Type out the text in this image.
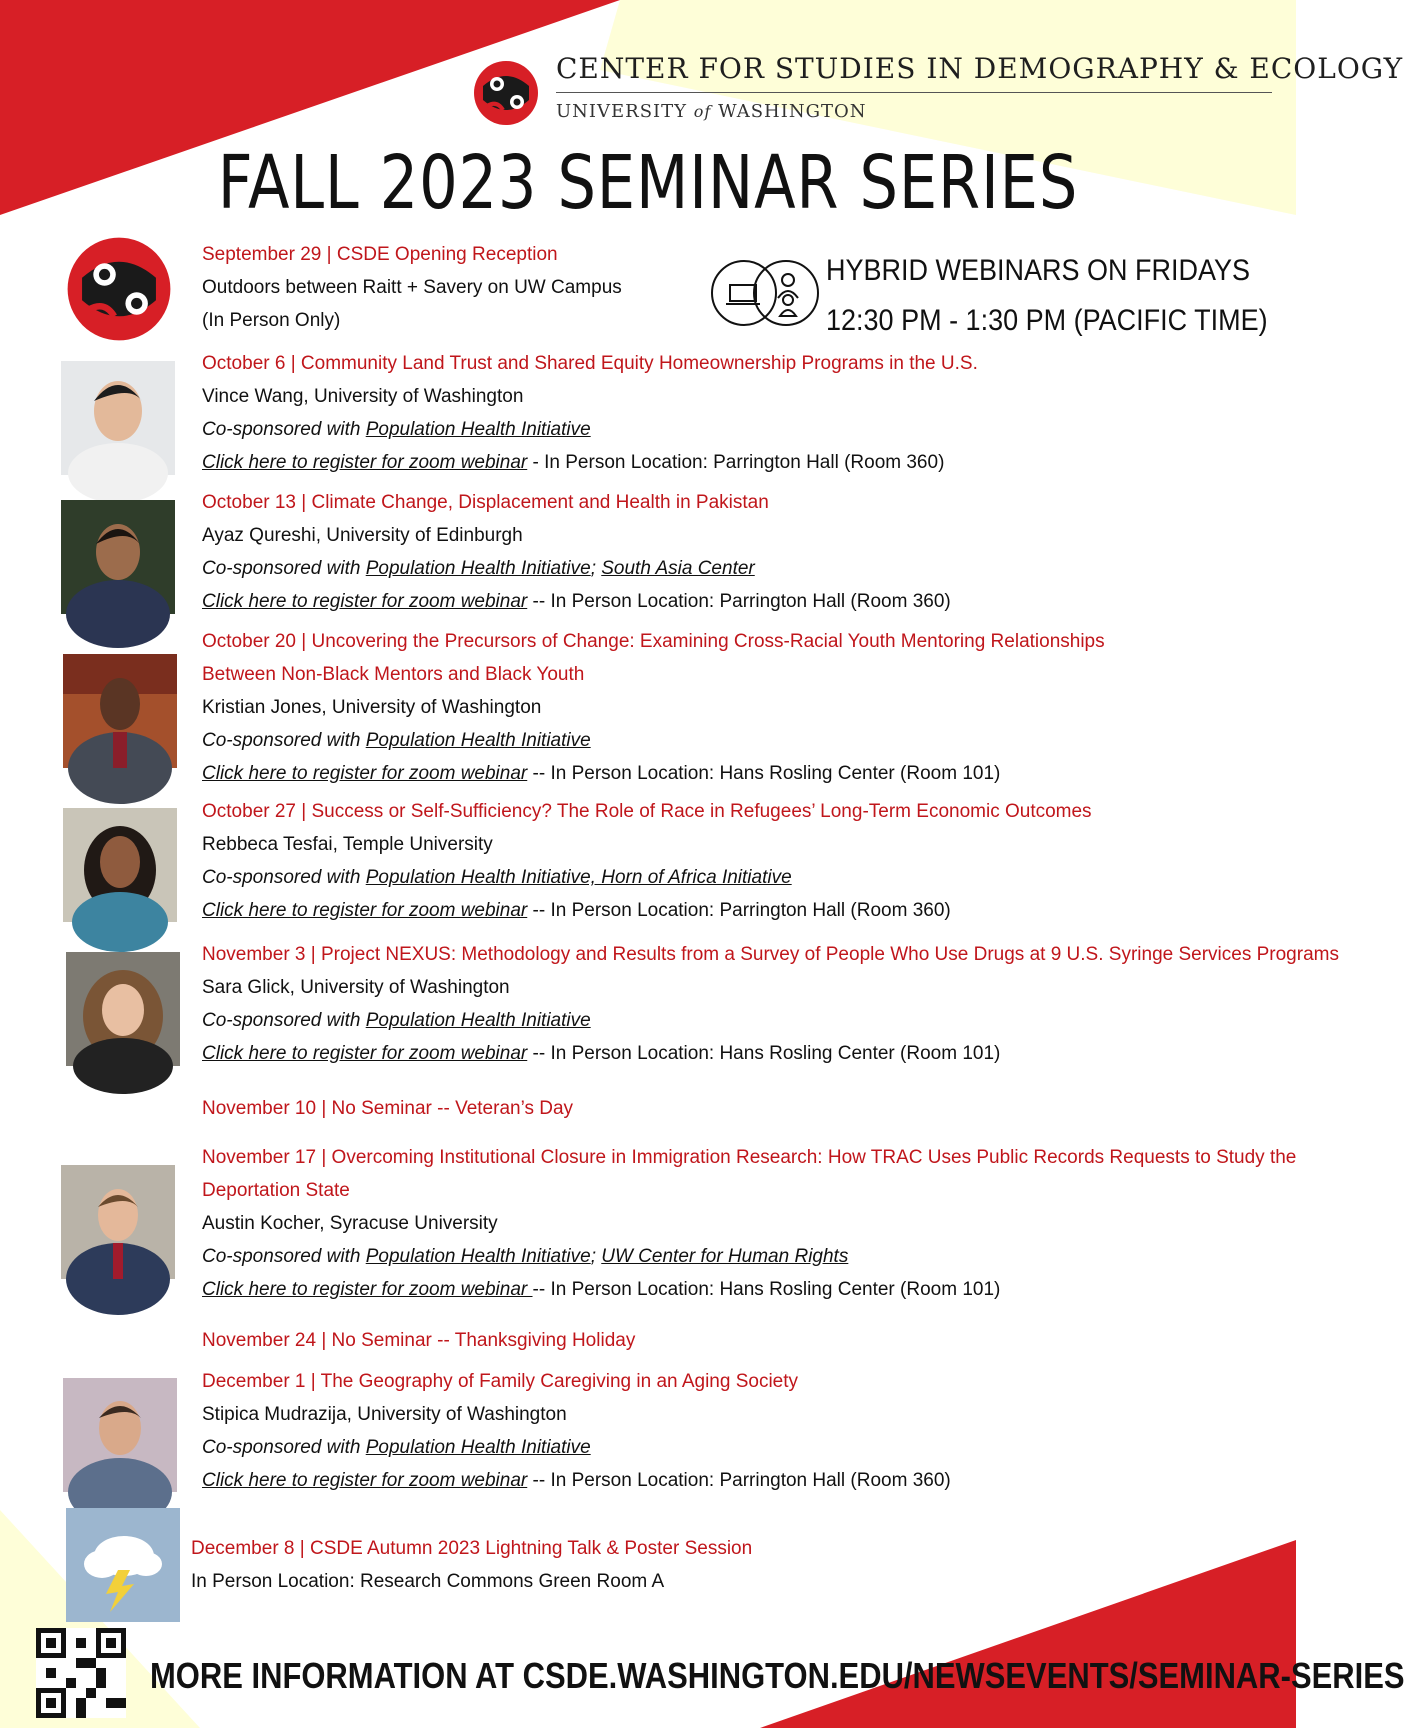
CENTER FOR STUDIES IN DEMOGRAPHY & ECOLOGY
UNIVERSITY of WASHINGTON
FALL 2023 SEMINAR SERIES
HYBRID WEBINARS ON FRIDAYS
12:30 PM - 1:30 PM (PACIFIC TIME)
September 29 | CSDE Opening Reception
Outdoors between Raitt + Savery on UW Campus
(In Person Only)
October 6 | Community Land Trust and Shared Equity Homeownership Programs in the U.S.
Vince Wang, University of Washington
Co-sponsored with Population Health Initiative
Click here to register for zoom webinar - In Person Location: Parrington Hall (Room 360)
October 13 | Climate Change, Displacement and Health in Pakistan
Ayaz Qureshi, University of Edinburgh
Co-sponsored with Population Health Initiative; South Asia Center
Click here to register for zoom webinar -- In Person Location: Parrington Hall (Room 360)
October 20 | Uncovering the Precursors of Change: Examining Cross-Racial Youth Mentoring Relationships
Between Non-Black Mentors and Black Youth
Kristian Jones, University of Washington
Co-sponsored with Population Health Initiative
Click here to register for zoom webinar -- In Person Location: Hans Rosling Center (Room 101)
October 27 | Success or Self-Sufficiency? The Role of Race in Refugees’ Long-Term Economic Outcomes
Rebbeca Tesfai, Temple University
Co-sponsored with Population Health Initiative, Horn of Africa Initiative
Click here to register for zoom webinar -- In Person Location: Parrington Hall (Room 360)
November 3 | Project NEXUS: Methodology and Results from a Survey of People Who Use Drugs at 9 U.S. Syringe Services Programs
Sara Glick, University of Washington
Co-sponsored with Population Health Initiative
Click here to register for zoom webinar -- In Person Location: Hans Rosling Center (Room 101)
November 10 | No Seminar -- Veteran’s Day
November 17 | Overcoming Institutional Closure in Immigration Research: How TRAC Uses Public Records Requests to Study the
Deportation State
Austin Kocher, Syracuse University
Co-sponsored with Population Health Initiative; UW Center for Human Rights
Click here to register for zoom webinar -- In Person Location: Hans Rosling Center (Room 101)
November 24 | No Seminar -- Thanksgiving Holiday
December 1 | The Geography of Family Caregiving in an Aging Society
Stipica Mudrazija, University of Washington
Co-sponsored with Population Health Initiative
Click here to register for zoom webinar -- In Person Location: Parrington Hall (Room 360)
December 8 | CSDE Autumn 2023 Lightning Talk & Poster Session
In Person Location: Research Commons Green Room A
MORE INFORMATION AT CSDE.WASHINGTON.EDU/NEWSEVENTS/SEMINAR-SERIES
